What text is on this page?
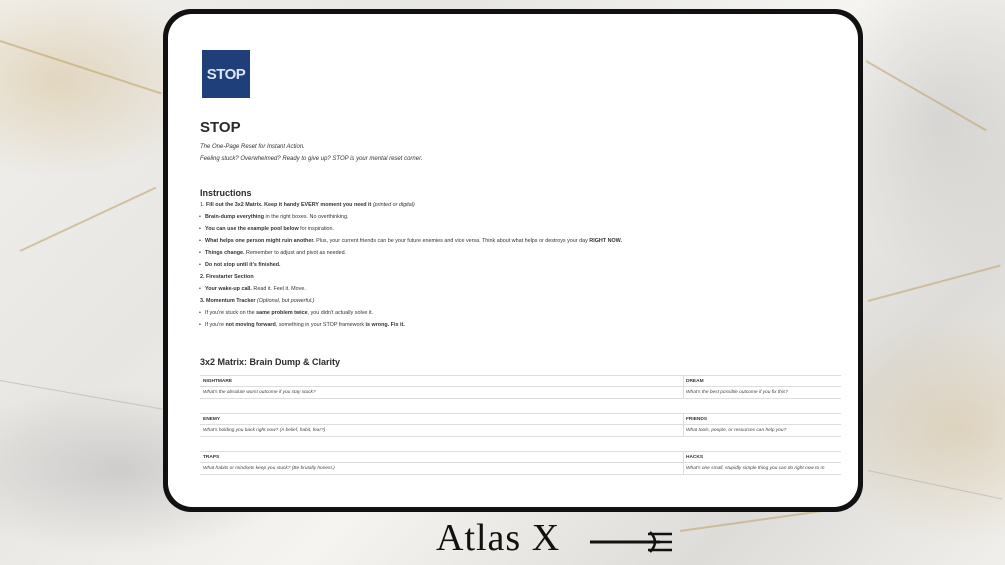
STOP
STOP
The One-Page Reset for Instant Action.
Feeling stuck? Overwhelmed? Ready to give up? STOP is your mental reset corner.
Instructions
1. Fill out the 3x2 Matrix. Keep it handy EVERY moment you need it (printed or digital)
• Brain-dump everything in the right boxes. No overthinking.
• You can use the example pool below for inspiration.
• What helps one person might ruin another. Plus, your current friends can be your future enemies and vice versa. Think about what helps or destroys your day RIGHT NOW.
• Things change. Remember to adjust and pivot as needed.
• Do not stop until it's finished.
2. Firestarter Section
• Your wake-up call. Read it. Feel it. Move.
3. Momentum Tracker (Optional, but powerful.)
• If you're stuck on the same problem twice, you didn't actually solve it.
• If you're not moving forward, something in your STOP framework is wrong. Fix it.
3x2 Matrix: Brain Dump & Clarity
NIGHTMARE	DREAM
What's the absolute worst outcome if you stay stuck?	What's the best possible outcome if you fix this?
ENEMY	FRIENDS
What's holding you back right now? (A belief, habit, fear?)	What tools, people, or resources can help you?
TRAPS	HACKS
What habits or mindsets keep you stuck? (Be brutally honest.)	What's one small, stupidly simple thing you can do right now to m
Atlas X
